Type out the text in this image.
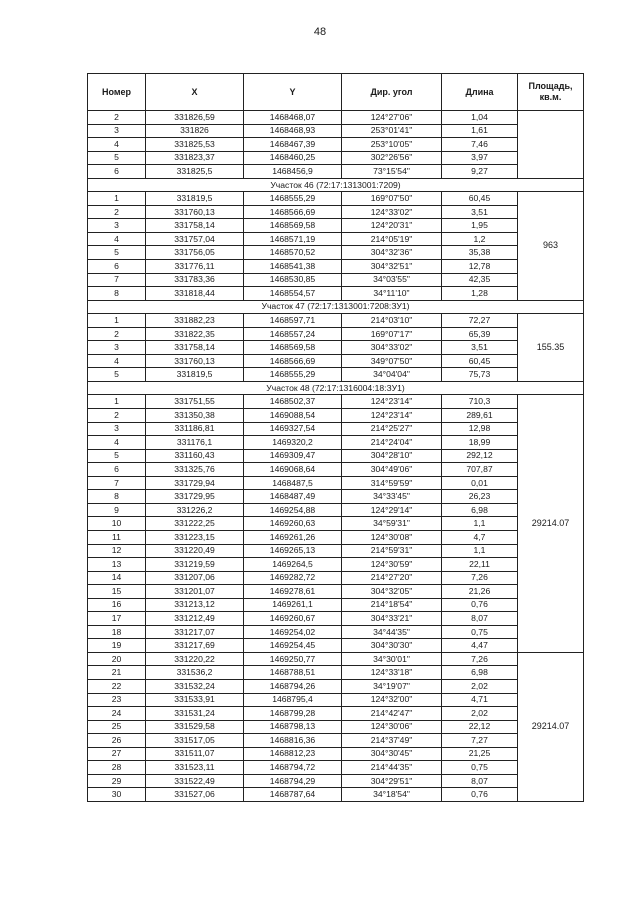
48
Номер	X	Y	Дир. угол	Длина	Площадь, кв.м.
2	331826,59	1468468,07	124°27'06"	1,04	
3	331826	1468468,93	253°01'41"	1,61	
4	331825,53	1468467,39	253°10'05"	7,46	
5	331823,37	1468460,25	302°26'56"	3,97	
6	331825,5	1468456,9	73°15'54"	9,27	
Участок 46 (72:17:1313001:7209)					
1	331819,5	1468555,29	169°07'50"	60,45	963
2	331760,13	1468566,69	124°33'02"	3,51	
3	331758,14	1468569,58	124°20'31"	1,95	
4	331757,04	1468571,19	214°05'19"	1,2	
5	331756,05	1468570,52	304°32'36"	35,38	
6	331776,11	1468541,38	304°32'51"	12,78	
7	331783,36	1468530,85	34°03'55"	42,35	
8	331818,44	1468554,57	34°11'10"	1,28	
Участок 47 (72:17:1313001:7208:ЗУ1)					
1	331882,23	1468597,71	214°03'10"	72,27	155.35
2	331822,35	1468557,24	169°07'17"	65,39	
3	331758,14	1468569,58	304°33'02"	3,51	
4	331760,13	1468566,69	349°07'50"	60,45	
5	331819,5	1468555,29	34°04'04"	75,73	
Участок 48 (72:17:1316004:18:ЗУ1)					
1	331751,55	1468502,37	124°23'14"	710,3	29214.07
2	331350,38	1469088,54	124°23'14"	289,61	
3	331186,81	1469327,54	214°25'27"	12,98	
4	331176,1	1469320,2	214°24'04"	18,99	
5	331160,43	1469309,47	304°28'10"	292,12	
6	331325,76	1469068,64	304°49'06"	707,87	
7	331729,94	1468487,5	314°59'59"	0,01	
8	331729,95	1468487,49	34°33'45"	26,23	
9	331226,2	1469254,88	124°29'14"	6,98	
10	331222,25	1469260,63	34°59'31"	1,1	
11	331223,15	1469261,26	124°30'08"	4,7	
12	331220,49	1469265,13	214°59'31"	1,1	
13	331219,59	1469264,5	124°30'59"	22,11	
14	331207,06	1469282,72	214°27'20"	7,26	
15	331201,07	1469278,61	304°32'05"	21,26	
16	331213,12	1469261,1	214°18'54"	0,76	
17	331212,49	1469260,67	304°33'21"	8,07	
18	331217,07	1469254,02	34°44'35"	0,75	
19	331217,69	1469254,45	304°30'30"	4,47	
20	331220,22	1469250,77	34°30'01"	7,26	29214.07
21	331536,2	1468788,51	124°33'18"	6,98	
22	331532,24	1468794,26	34°19'07"	2,02	
23	331533,91	1468795,4	124°32'00"	4,71	
24	331531,24	1468799,28	214°42'47"	2,02	
25	331529,58	1468798,13	124°30'06"	22,12	
26	331517,05	1468816,36	214°37'49"	7,27	
27	331511,07	1468812,23	304°30'45"	21,25	
28	331523,11	1468794,72	214°44'35"	0,75	
29	331522,49	1468794,29	304°29'51"	8,07	
30	331527,06	1468787,64	34°18'54"	0,76	
